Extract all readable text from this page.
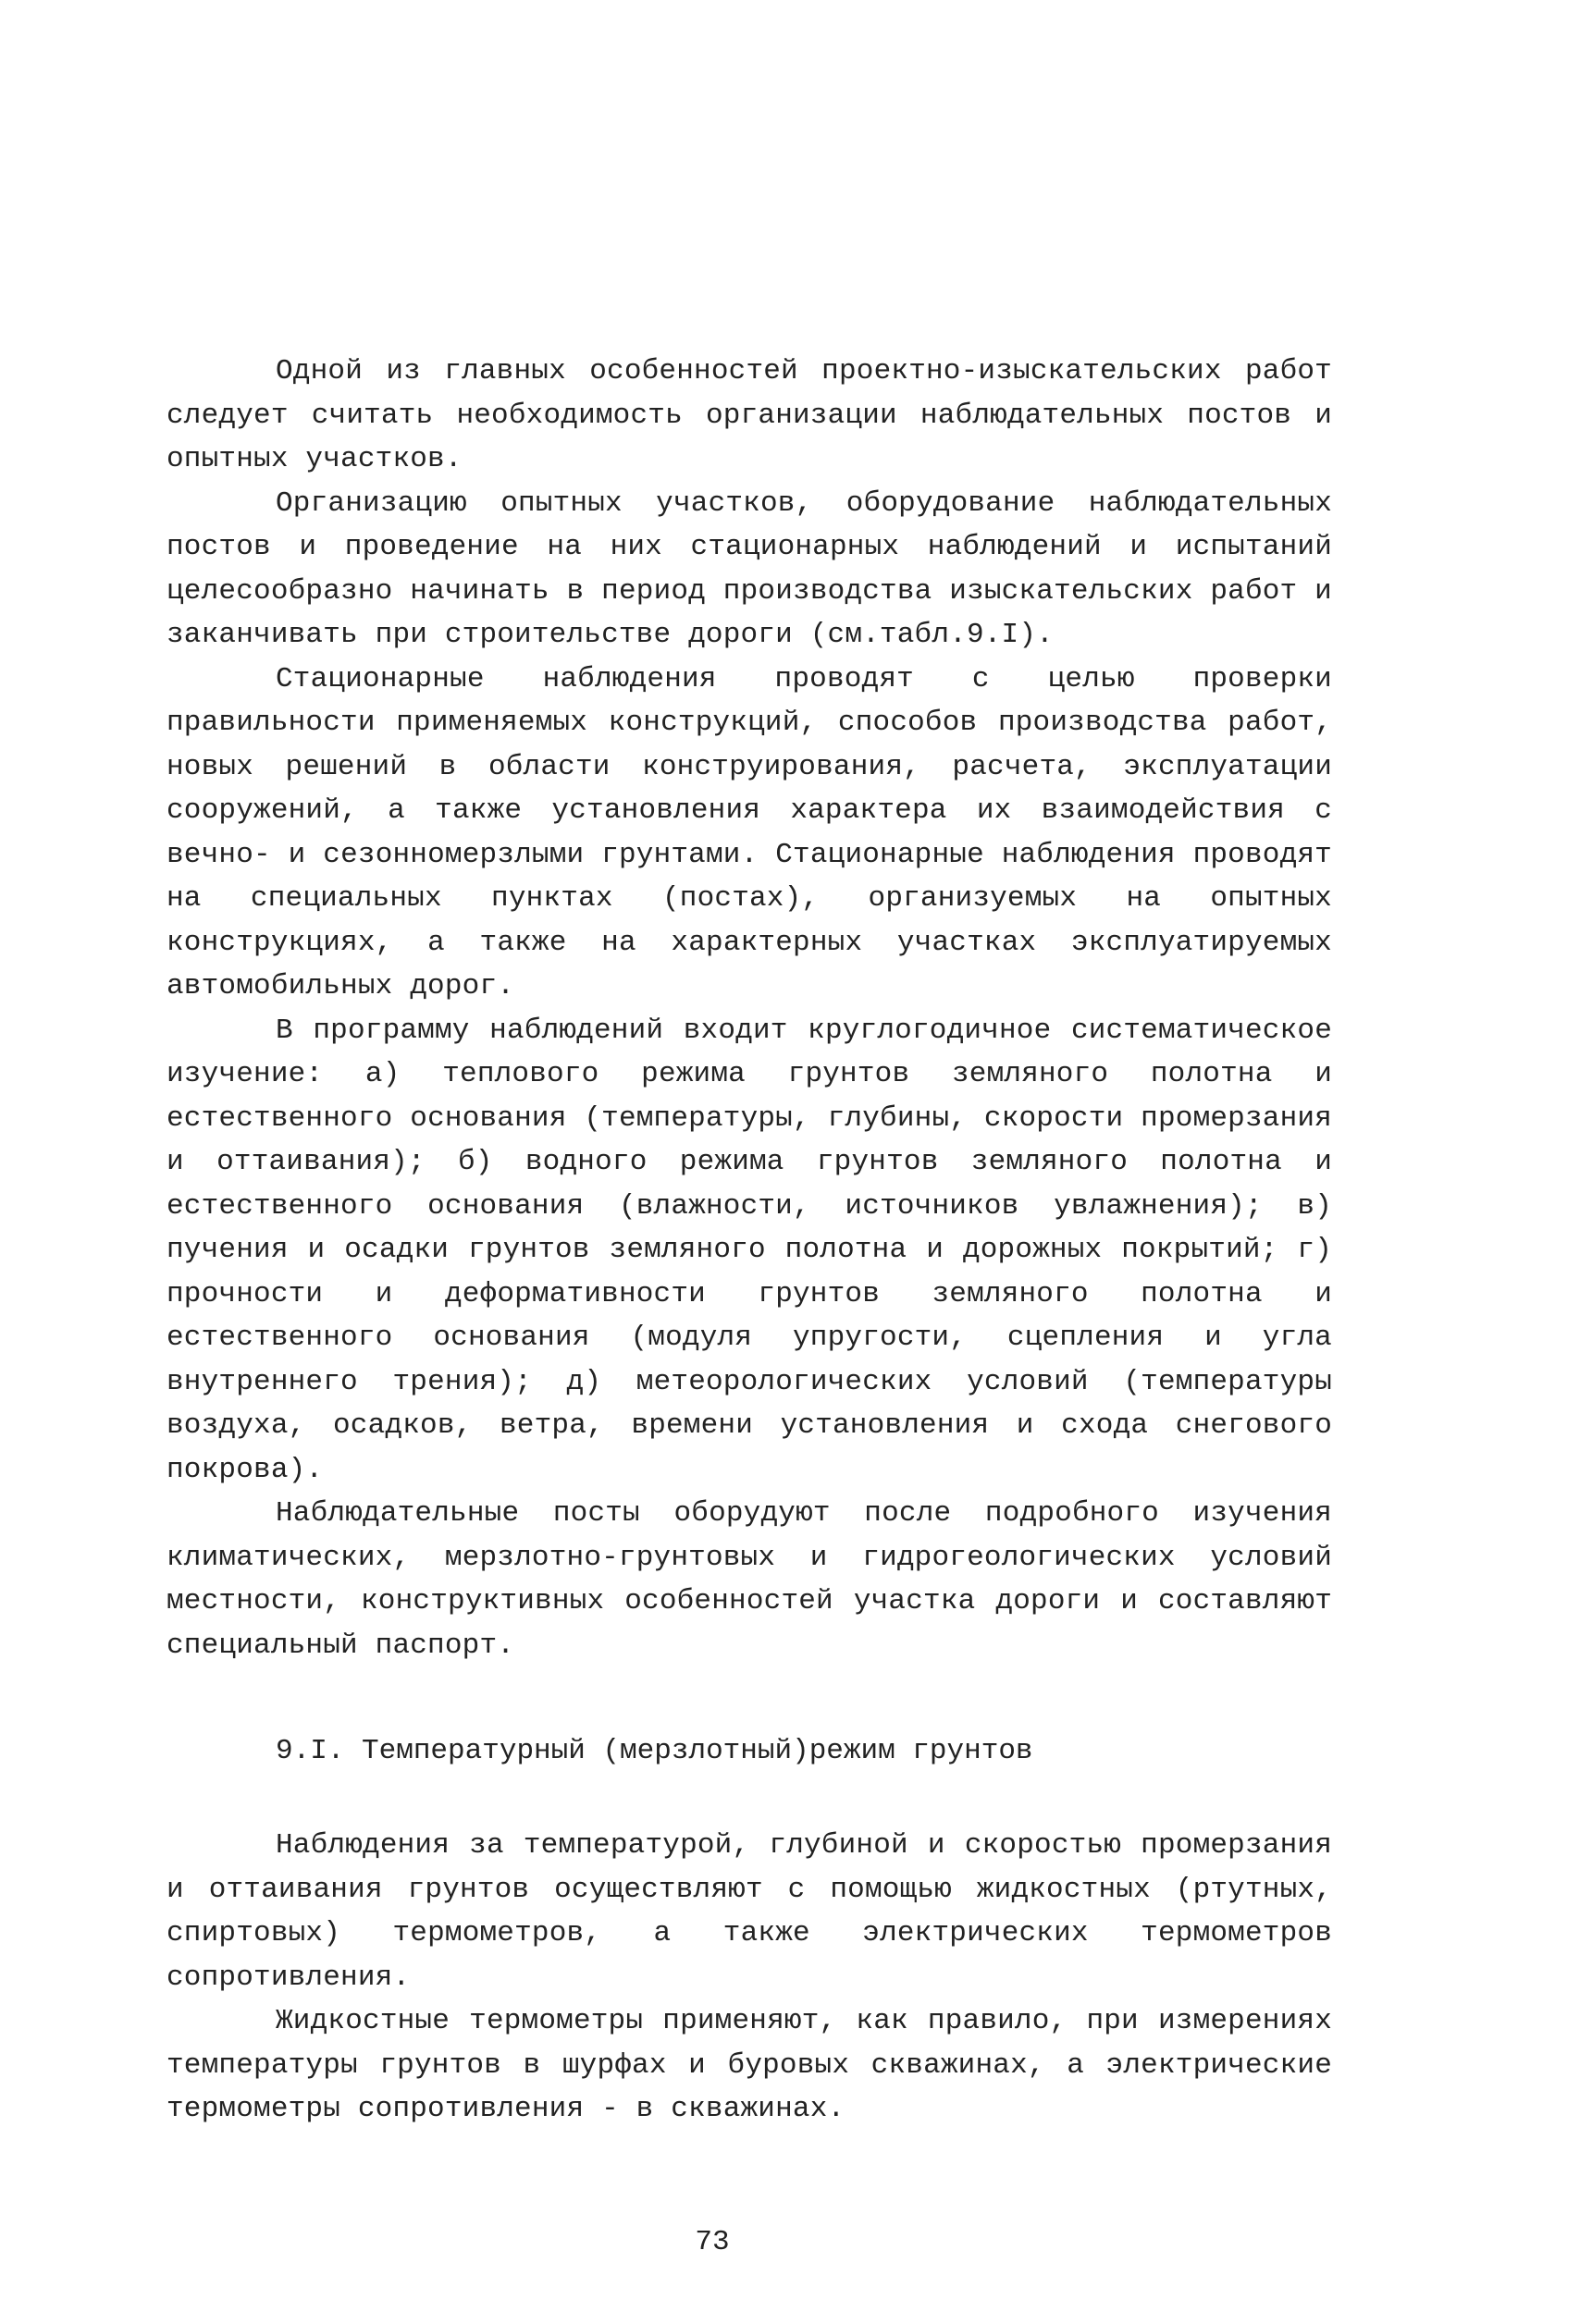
Одной из главных особенностей проектно-изыскательских работ следует считать необходимость организации наблюдательных постов и опытных участков.

Организацию опытных участков, оборудование наблюдательных постов и проведение на них стационарных наблюдений и испытаний целесообразно начинать в период производства изыскательских работ и заканчивать при строительстве дороги (см.табл.9.I).

Стационарные наблюдения проводят с целью проверки правильности применяемых конструкций, способов производства работ, новых решений в области конструирования, расчета, эксплуатации сооружений, а также установления характера их взаимодействия с вечно- и сезонномерзлыми грунтами. Стационарные наблюдения проводят на специальных пунктах (постах), организуемых на опытных конструкциях, а также на характерных участках эксплуатируемых автомобильных дорог.

В программу наблюдений входит круглогодичное систематическое изучение: а) теплового режима грунтов земляного полотна и естественного основания (температуры, глубины, скорости промерзания и оттаивания); б) водного режима грунтов земляного полотна и естественного основания (влажности, источников увлажнения); в) пучения и осадки грунтов земляного полотна и дорожных покрытий; г) прочности и деформативности грунтов земляного полотна и естественного основания (модуля упругости, сцепления и угла внутреннего трения); д) метеорологических условий (температуры воздуха, осадков, ветра, времени установления и схода снегового покрова).

Наблюдательные посты оборудуют после подробного изучения климатических, мерзлотно-грунтовых и гидрогеологических условий местности, конструктивных особенностей участка дороги и составляют специальный паспорт.

9.I. Температурный (мерзлотный)режим грунтов

Наблюдения за температурой, глубиной и скоростью промерзания и оттаивания грунтов осуществляют с помощью жидкостных (ртутных, спиртовых) термометров, а также электрических термометров сопротивления.

Жидкостные термометры применяют, как правило, при измерениях температуры грунтов в шурфах и буровых скважинах, а электрические термометры сопротивления - в скважинах.

73
